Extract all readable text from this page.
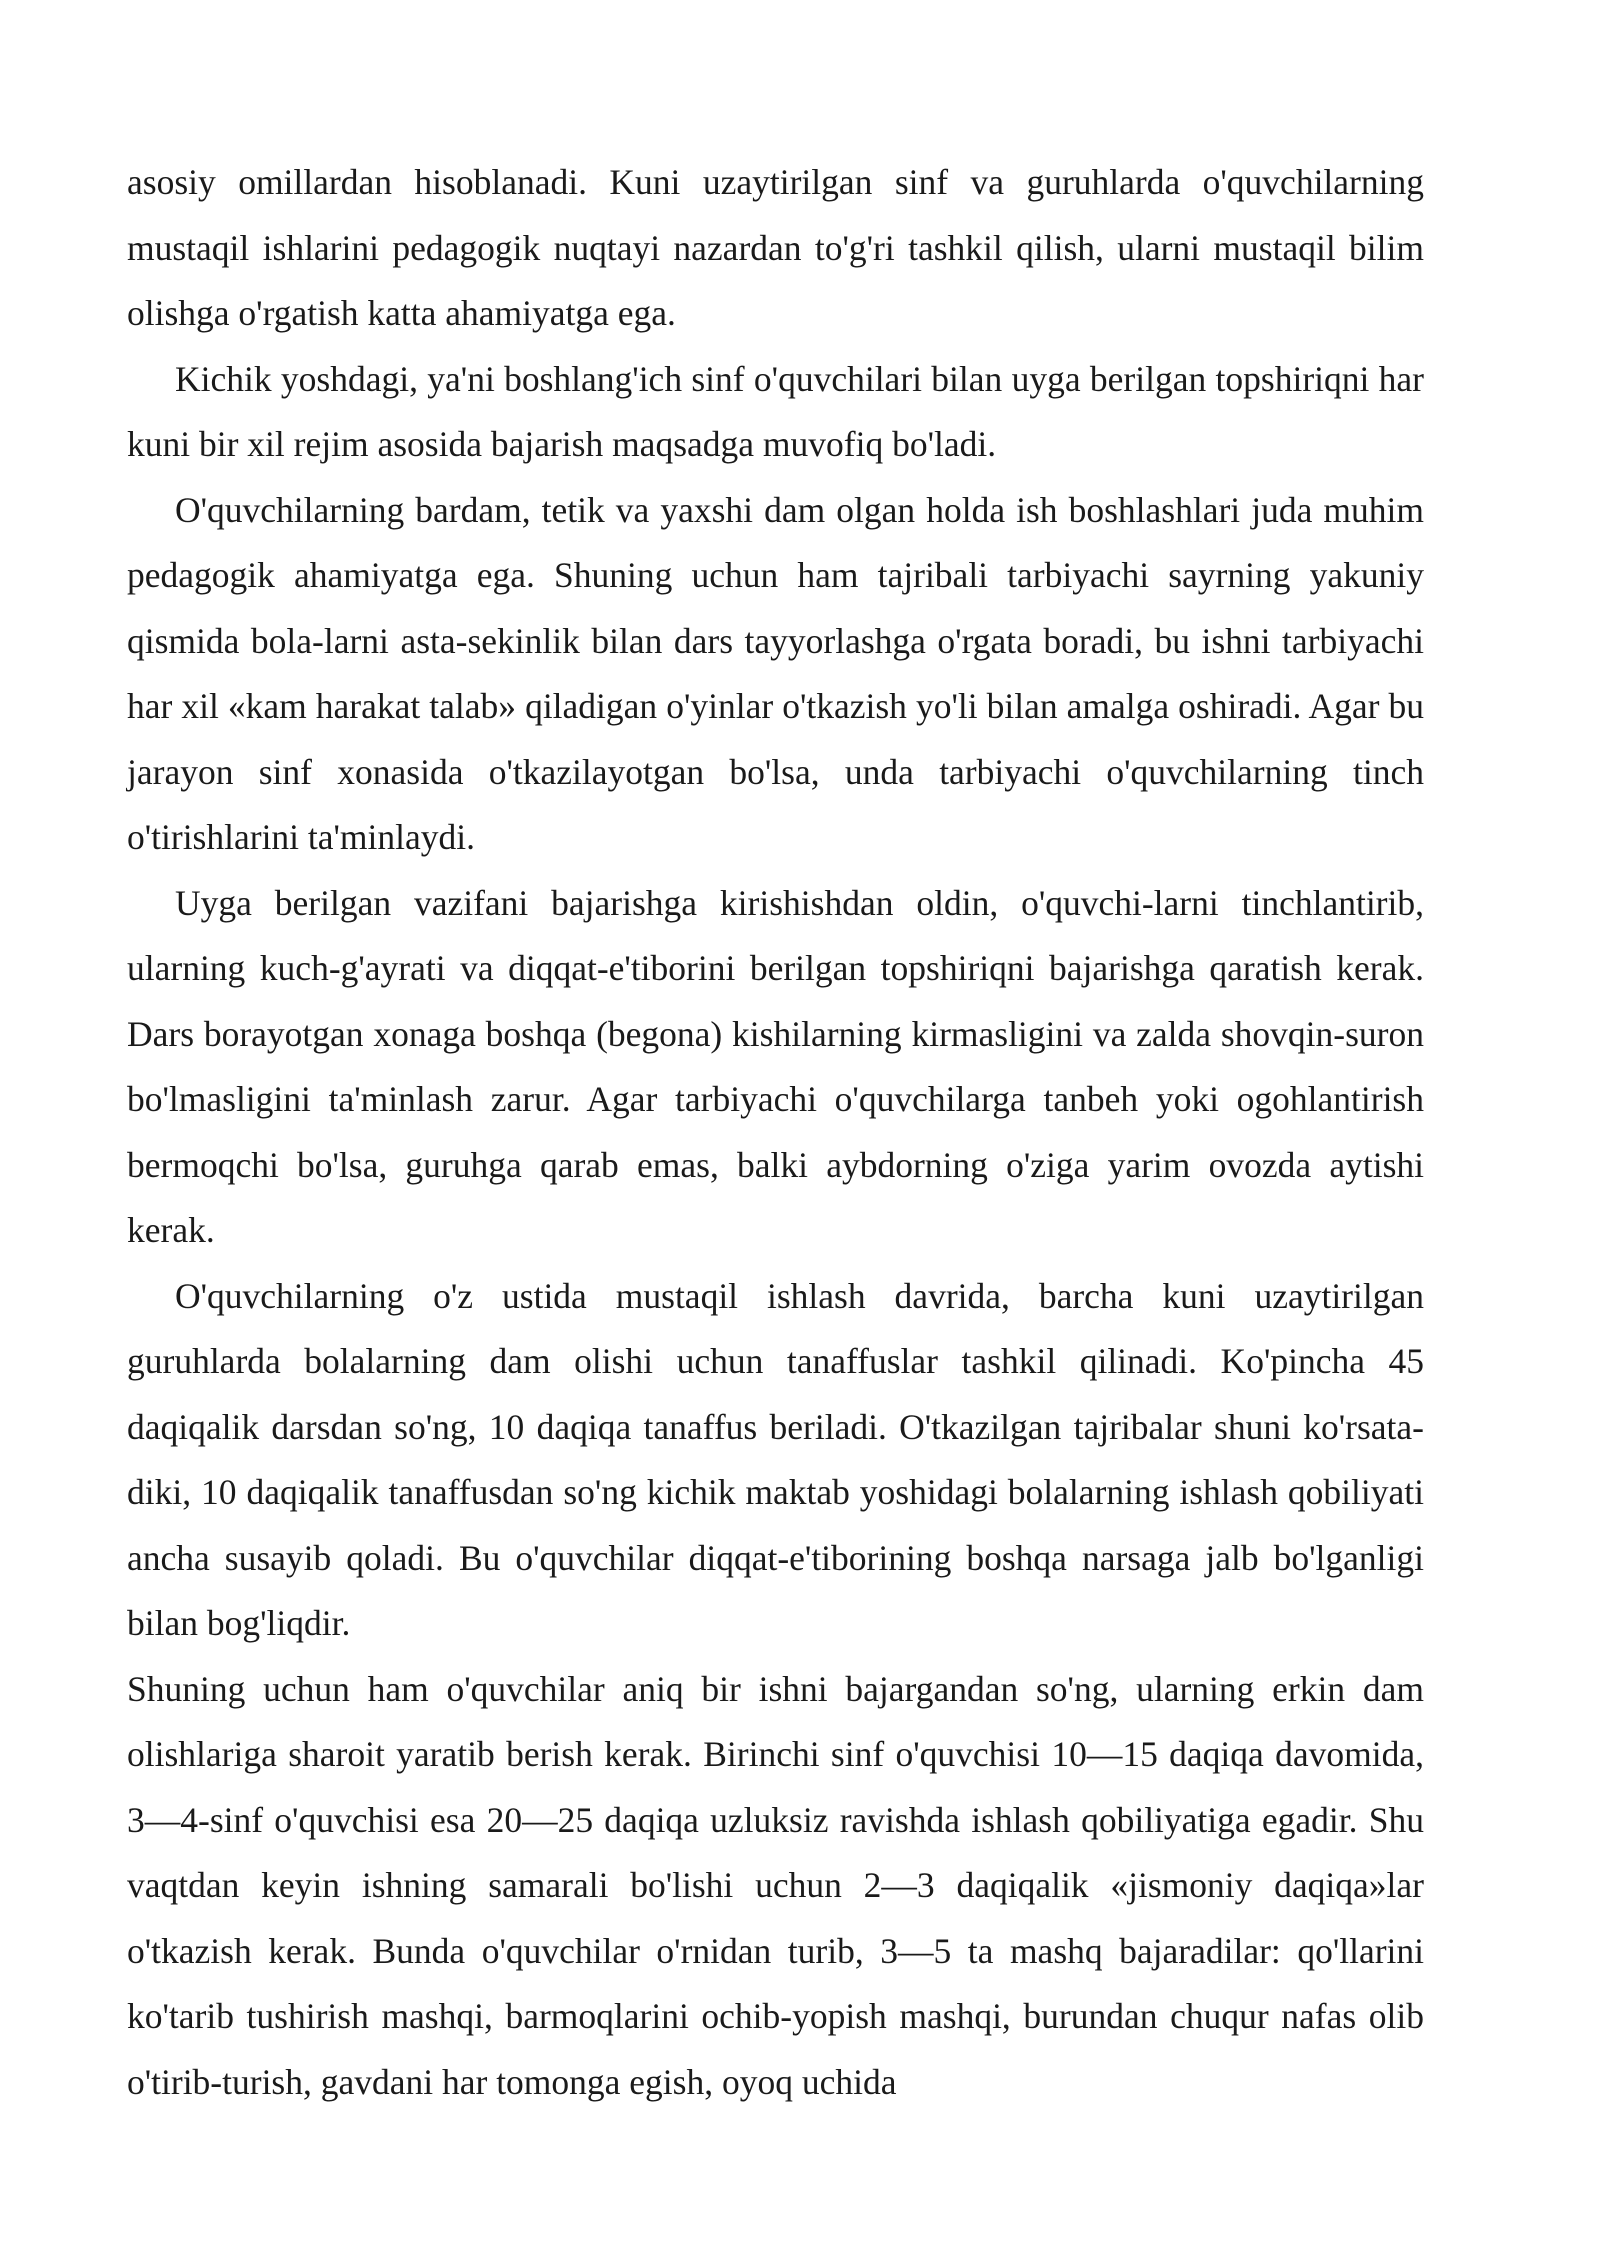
asosiy omillardan hisoblanadi. Kuni uzaytirilgan sinf va guruhlarda o'quvchilarning mustaqil ishlarini pedagogik nuqtayi nazardan to'g'ri tashkil qilish, ularni mustaqil bilim olishga o'rgatish katta ahamiyatga ega.

Kichik yoshdagi, ya'ni boshlang'ich sinf o'quvchilari bilan uyga berilgan topshiriqni har kuni bir xil rejim asosida bajarish maqsadga muvofiq bo'ladi.

O'quvchilarning bardam, tetik va yaxshi dam olgan holda ish boshlashlari juda muhim pedagogik ahamiyatga ega. Shuning uchun ham tajribali tarbiyachi sayrning yakuniy qismida bola-larni asta-sekinlik bilan dars tayyorlashga o'rgata boradi, bu ishni tarbiyachi har xil «kam harakat talab» qiladigan o'yinlar o'tkazish yo'li bilan amalga oshiradi. Agar bu jarayon sinf xonasida o'tkazilayotgan bo'lsa, unda tarbiyachi o'quvchilarning tinch o'tirishlarini ta'minlaydi.

Uyga berilgan vazifani bajarishga kirishishdan oldin, o'quvchi-larni tinchlantirib, ularning kuch-g'ayrati va diqqat-e'tiborini berilgan topshiriqni bajarishga qaratish kerak. Dars borayotgan xonaga boshqa (begona) kishilarning kirmasligini va zalda shovqin-suron bo'lmasligini ta'minlash zarur. Agar tarbiyachi o'quvchilarga tanbeh yoki ogohlantirish bermoqchi bo'lsa, guruhga qarab emas, balki aybdorning o'ziga yarim ovozda aytishi kerak.

O'quvchilarning o'z ustida mustaqil ishlash davrida, barcha kuni uzaytirilgan guruhlarda bolalarning dam olishi uchun tanaffuslar tashkil qilinadi. Ko'pincha 45 daqiqalik darsdan so'ng, 10 daqiqa tanaffus beriladi. O'tkazilgan tajribalar shuni ko'rsata-diki, 10 daqiqalik tanaffusdan so'ng kichik maktab yoshidagi bolalarning ishlash qobiliyati ancha susayib qoladi. Bu o'quvchilar diqqat-e'tiborining boshqa narsaga jalb bo'lganligi bilan bog'liqdir.

Shuning uchun ham o'quvchilar aniq bir ishni bajargandan so'ng, ularning erkin dam olishlariga sharoit yaratib berish kerak. Birinchi sinf o'quvchisi 10—15 daqiqa davomida, 3—4-sinf o'quvchisi esa 20—25 daqiqa uzluksiz ravishda ishlash qobiliyatiga egadir. Shu vaqtdan keyin ishning samarali bo'lishi uchun 2—3 daqiqalik «jismoniy daqiqa»lar o'tkazish kerak. Bunda o'quvchilar o'rnidan turib, 3—5 ta mashq bajaradilar: qo'llarini ko'tarib tushirish mashqi, barmoqlarini ochib-yopish mashqi, burundan chuqur nafas olib o'tirib-turish, gavdani har tomonga egish, oyoq uchida
